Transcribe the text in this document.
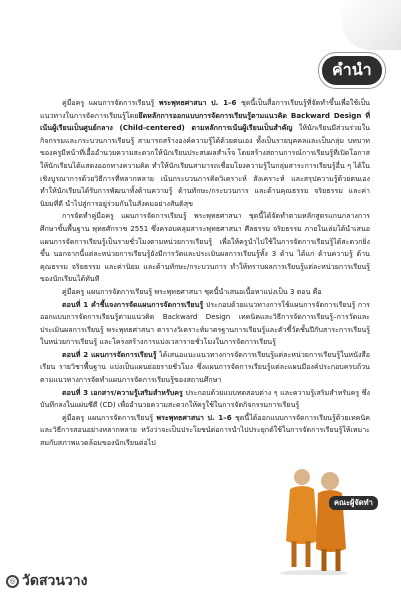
คำนำ

คู่มือครู แผนการจัดการเรียนรู้ พระพุทธศาสนา ป. 1–6 ชุดนี้เป็นสื่อการเรียนรู้ที่จัดทำขึ้นเพื่อใช้เป็นแนวทางในการจัดการเรียนรู้โดยยึดหลักการออกแบบการจัดการเรียนรู้ตามแนวคิด Backward Design ที่เน้นผู้เรียนเป็นศูนย์กลาง (Child-centered) ตามหลักการเน้นผู้เรียนเป็นสำคัญ ให้นักเรียนมีส่วนร่วมในกิจกรรมและกระบวนการเรียนรู้ สามารถสร้างองค์ความรู้ได้ด้วยตนเอง ทั้งเป็นรายบุคคลและเป็นกลุ่ม บทบาทของครูมีหน้าที่เอื้ออำนวยความสะดวกให้นักเรียนประสบผลสำเร็จ โดยสร้างสถานการณ์การเรียนรู้ที่เปิดโอกาสให้นักเรียนได้แสดงออกทางความคิด ทำให้นักเรียนสามารถเชื่อมโยงความรู้ในกลุ่มสาระการเรียนรู้อื่น ๆ ได้ในเชิงบูรณาการด้วยวิธีการที่หลากหลาย เน้นกระบวนการคิดวิเคราะห์ สังเคราะห์ และสรุปความรู้ด้วยตนเอง ทำให้นักเรียนได้รับการพัฒนาทั้งด้านความรู้ ด้านทักษะ/กระบวนการ และด้านคุณธรรม จริยธรรม และค่านิยมที่ดี นำไปสู่การอยู่ร่วมกันในสังคมอย่างสันติสุข

การจัดทำคู่มือครู แผนการจัดการเรียนรู้ พระพุทธศาสนา ชุดนี้ได้จัดทำตามหลักสูตรแกนกลางการศึกษาขั้นพื้นฐาน พุทธศักราช 2551 ซึ่งครอบคลุมสาระพุทธศาสนา ศีลธรรม จริยธรรม ภายในเล่มได้นำเสนอแผนการจัดการเรียนรู้เป็นรายชั่วโมงตามหน่วยการเรียนรู้ เพื่อให้ครูนำไปใช้ในการจัดการเรียนรู้ได้สะดวกยิ่งขึ้น นอกจากนี้แต่ละหน่วยการเรียนรู้ยังมีการวัดและประเมินผลการเรียนรู้ทั้ง 3 ด้าน ได้แก่ ด้านความรู้ ด้านคุณธรรม จริยธรรม และค่านิยม และด้านทักษะ/กระบวนการ ทำให้ทราบผลการเรียนรู้แต่ละหน่วยการเรียนรู้ของนักเรียนได้ทันที

คู่มือครู แผนการจัดการเรียนรู้ พระพุทธศาสนา ชุดนี้นำเสนอเนื้อหาแบ่งเป็น 3 ตอน คือ

ตอนที่ 1 คำชี้แจงการจัดแผนการจัดการเรียนรู้ ประกอบด้วยแนวทางการใช้แผนการจัดการเรียนรู้ การออกแบบการจัดการเรียนรู้ตามแนวคิด Backward Design เทคนิคและวิธีการจัดการเรียนรู้–การวัดและประเมินผลการเรียนรู้ พระพุทธศาสนา ตารางวิเคราะห์มาตรฐานการเรียนรู้และตัวชี้วัดชั้นปีกับสาระการเรียนรู้ในหน่วยการเรียนรู้ และโครงสร้างการแบ่งเวลารายชั่วโมงในการจัดการเรียนรู้

ตอนที่ 2 แผนการจัดการเรียนรู้ ได้เสนอแนะแนวทางการจัดการเรียนรู้แต่ละหน่วยการเรียนรู้ในหนังสือเรียน รายวิชาพื้นฐาน แบ่งเป็นแผนย่อยรายชั่วโมง ซึ่งแผนการจัดการเรียนรู้แต่ละแผนมีองค์ประกอบครบถ้วนตามแนวทางการจัดทำแผนการจัดการเรียนรู้ของสถานศึกษา

ตอนที่ 3 เอกสาร/ความรู้เสริมสำหรับครู ประกอบด้วยแบบทดสอบต่าง ๆ และความรู้เสริมสำหรับครู ซึ่งบันทึกลงในแผ่นซีดี (CD) เพื่ออำนวยความสะดวกให้ครูใช้ในการจัดกิจกรรมการเรียนรู้

คู่มือครู แผนการจัดการเรียนรู้ พระพุทธศาสนา ป. 1–6 ชุดนี้ได้ออกแบบการจัดการเรียนรู้ด้วยเทคนิคและวิธีการสอนอย่างหลากหลาย หวังว่าจะเป็นประโยชน์ต่อการนำไปประยุกต์ใช้ในการจัดการเรียนรู้ให้เหมาะสมกับสภาพแวดล้อมของนักเรียนต่อไป

คณะผู้จัดทำ
◎ วัดสวนวาง
